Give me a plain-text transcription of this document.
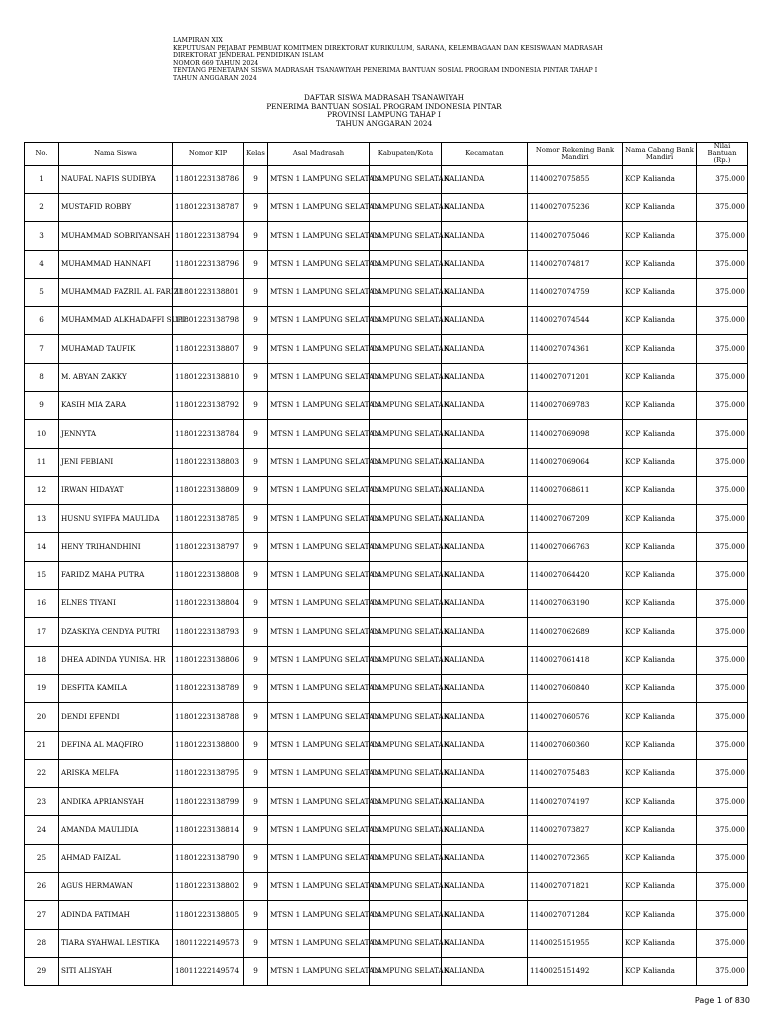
LAMPIRAN XIX
KEPUTUSAN PEJABAT PEMBUAT KOMITMEN DIREKTORAT KURIKULUM, SARANA, KELEMBAGAAN DAN KESISWAAN MADRASAH
DIREKTORAT JENDERAL PENDIDIKAN ISLAM
NOMOR 669 TAHUN 2024
TENTANG PENETAPAN SISWA MADRASAH TSANAWIYAH PENERIMA BANTUAN SOSIAL PROGRAM INDONESIA PINTAR TAHAP I
TAHUN ANGGARAN 2024
DAFTAR SISWA MADRASAH TSANAWIYAH
PENERIMA BANTUAN SOSIAL PROGRAM INDONESIA PINTAR
PROVINSI LAMPUNG TAHAP I
TAHUN ANGGARAN 2024
No.	Nama Siswa	Nomor KIP	Kelas	Asal Madrasah	Kabupaten/Kota	Kecamatan	Nomor Rekening Bank Mandiri	Nama Cabang Bank Mandiri	Nilai Bantuan (Rp.)
1	NAUFAL NAFIS SUDIBYA	11801223138786	9	MTSN 1 LAMPUNG SELATAN	LAMPUNG SELATAN	KALIANDA	1140027075855	KCP Kalianda	375.000
2	MUSTAFID ROBBY	11801223138787	9	MTSN 1 LAMPUNG SELATAN	LAMPUNG SELATAN	KALIANDA	1140027075236	KCP Kalianda	375.000
3	MUHAMMAD SOBRIYANSAH	11801223138794	9	MTSN 1 LAMPUNG SELATAN	LAMPUNG SELATAN	KALIANDA	1140027075046	KCP Kalianda	375.000
4	MUHAMMAD HANNAFI	11801223138796	9	MTSN 1 LAMPUNG SELATAN	LAMPUNG SELATAN	KALIANDA	1140027074817	KCP Kalianda	375.000
5	MUHAMMAD FAZRIL AL FARIZI	11801223138801	9	MTSN 1 LAMPUNG SELATAN	LAMPUNG SELATAN	KALIANDA	1140027074759	KCP Kalianda	375.000
6	MUHAMMAD ALKHADAFFI SUPI	11801223138798	9	MTSN 1 LAMPUNG SELATAN	LAMPUNG SELATAN	KALIANDA	1140027074544	KCP Kalianda	375.000
7	MUHAMAD TAUFIK	11801223138807	9	MTSN 1 LAMPUNG SELATAN	LAMPUNG SELATAN	KALIANDA	1140027074361	KCP Kalianda	375.000
8	M. ABYAN ZAKKY	11801223138810	9	MTSN 1 LAMPUNG SELATAN	LAMPUNG SELATAN	KALIANDA	1140027071201	KCP Kalianda	375.000
9	KASIH MIA ZARA	11801223138792	9	MTSN 1 LAMPUNG SELATAN	LAMPUNG SELATAN	KALIANDA	1140027069783	KCP Kalianda	375.000
10	JENNYTA	11801223138784	9	MTSN 1 LAMPUNG SELATAN	LAMPUNG SELATAN	KALIANDA	1140027069098	KCP Kalianda	375.000
11	JENI FEBIANI	11801223138803	9	MTSN 1 LAMPUNG SELATAN	LAMPUNG SELATAN	KALIANDA	1140027069064	KCP Kalianda	375.000
12	IRWAN HIDAYAT	11801223138809	9	MTSN 1 LAMPUNG SELATAN	LAMPUNG SELATAN	KALIANDA	1140027068611	KCP Kalianda	375.000
13	HUSNU SYIFFA MAULIDA	11801223138785	9	MTSN 1 LAMPUNG SELATAN	LAMPUNG SELATAN	KALIANDA	1140027067209	KCP Kalianda	375.000
14	HENY TRIHANDHINI	11801223138797	9	MTSN 1 LAMPUNG SELATAN	LAMPUNG SELATAN	KALIANDA	1140027066763	KCP Kalianda	375.000
15	FARIDZ MAHA PUTRA	11801223138808	9	MTSN 1 LAMPUNG SELATAN	LAMPUNG SELATAN	KALIANDA	1140027064420	KCP Kalianda	375.000
16	ELNES TIYANI	11801223138804	9	MTSN 1 LAMPUNG SELATAN	LAMPUNG SELATAN	KALIANDA	1140027063190	KCP Kalianda	375.000
17	DZASKIYA CENDYA PUTRI	11801223138793	9	MTSN 1 LAMPUNG SELATAN	LAMPUNG SELATAN	KALIANDA	1140027062689	KCP Kalianda	375.000
18	DHEA ADINDA YUNISA. HR	11801223138806	9	MTSN 1 LAMPUNG SELATAN	LAMPUNG SELATAN	KALIANDA	1140027061418	KCP Kalianda	375.000
19	DESFITA KAMILA	11801223138789	9	MTSN 1 LAMPUNG SELATAN	LAMPUNG SELATAN	KALIANDA	1140027060840	KCP Kalianda	375.000
20	DENDI EFENDI	11801223138788	9	MTSN 1 LAMPUNG SELATAN	LAMPUNG SELATAN	KALIANDA	1140027060576	KCP Kalianda	375.000
21	DEFINA AL MAQFIRO	11801223138800	9	MTSN 1 LAMPUNG SELATAN	LAMPUNG SELATAN	KALIANDA	1140027060360	KCP Kalianda	375.000
22	ARISKA MELFA	11801223138795	9	MTSN 1 LAMPUNG SELATAN	LAMPUNG SELATAN	KALIANDA	1140027075483	KCP Kalianda	375.000
23	ANDIKA APRIANSYAH	11801223138799	9	MTSN 1 LAMPUNG SELATAN	LAMPUNG SELATAN	KALIANDA	1140027074197	KCP Kalianda	375.000
24	AMANDA MAULIDIA	11801223138814	9	MTSN 1 LAMPUNG SELATAN	LAMPUNG SELATAN	KALIANDA	1140027073827	KCP Kalianda	375.000
25	AHMAD FAIZAL	11801223138790	9	MTSN 1 LAMPUNG SELATAN	LAMPUNG SELATAN	KALIANDA	1140027072365	KCP Kalianda	375.000
26	AGUS HERMAWAN	11801223138802	9	MTSN 1 LAMPUNG SELATAN	LAMPUNG SELATAN	KALIANDA	1140027071821	KCP Kalianda	375.000
27	ADINDA FATIMAH	11801223138805	9	MTSN 1 LAMPUNG SELATAN	LAMPUNG SELATAN	KALIANDA	1140027071284	KCP Kalianda	375.000
28	TIARA SYAHWAL LESTIKA	18011222149573	9	MTSN 1 LAMPUNG SELATAN	LAMPUNG SELATAN	KALIANDA	1140025151955	KCP Kalianda	375.000
29	SITI ALISYAH	18011222149574	9	MTSN 1 LAMPUNG SELATAN	LAMPUNG SELATAN	KALIANDA	1140025151492	KCP Kalianda	375.000
Page 1 of 830
